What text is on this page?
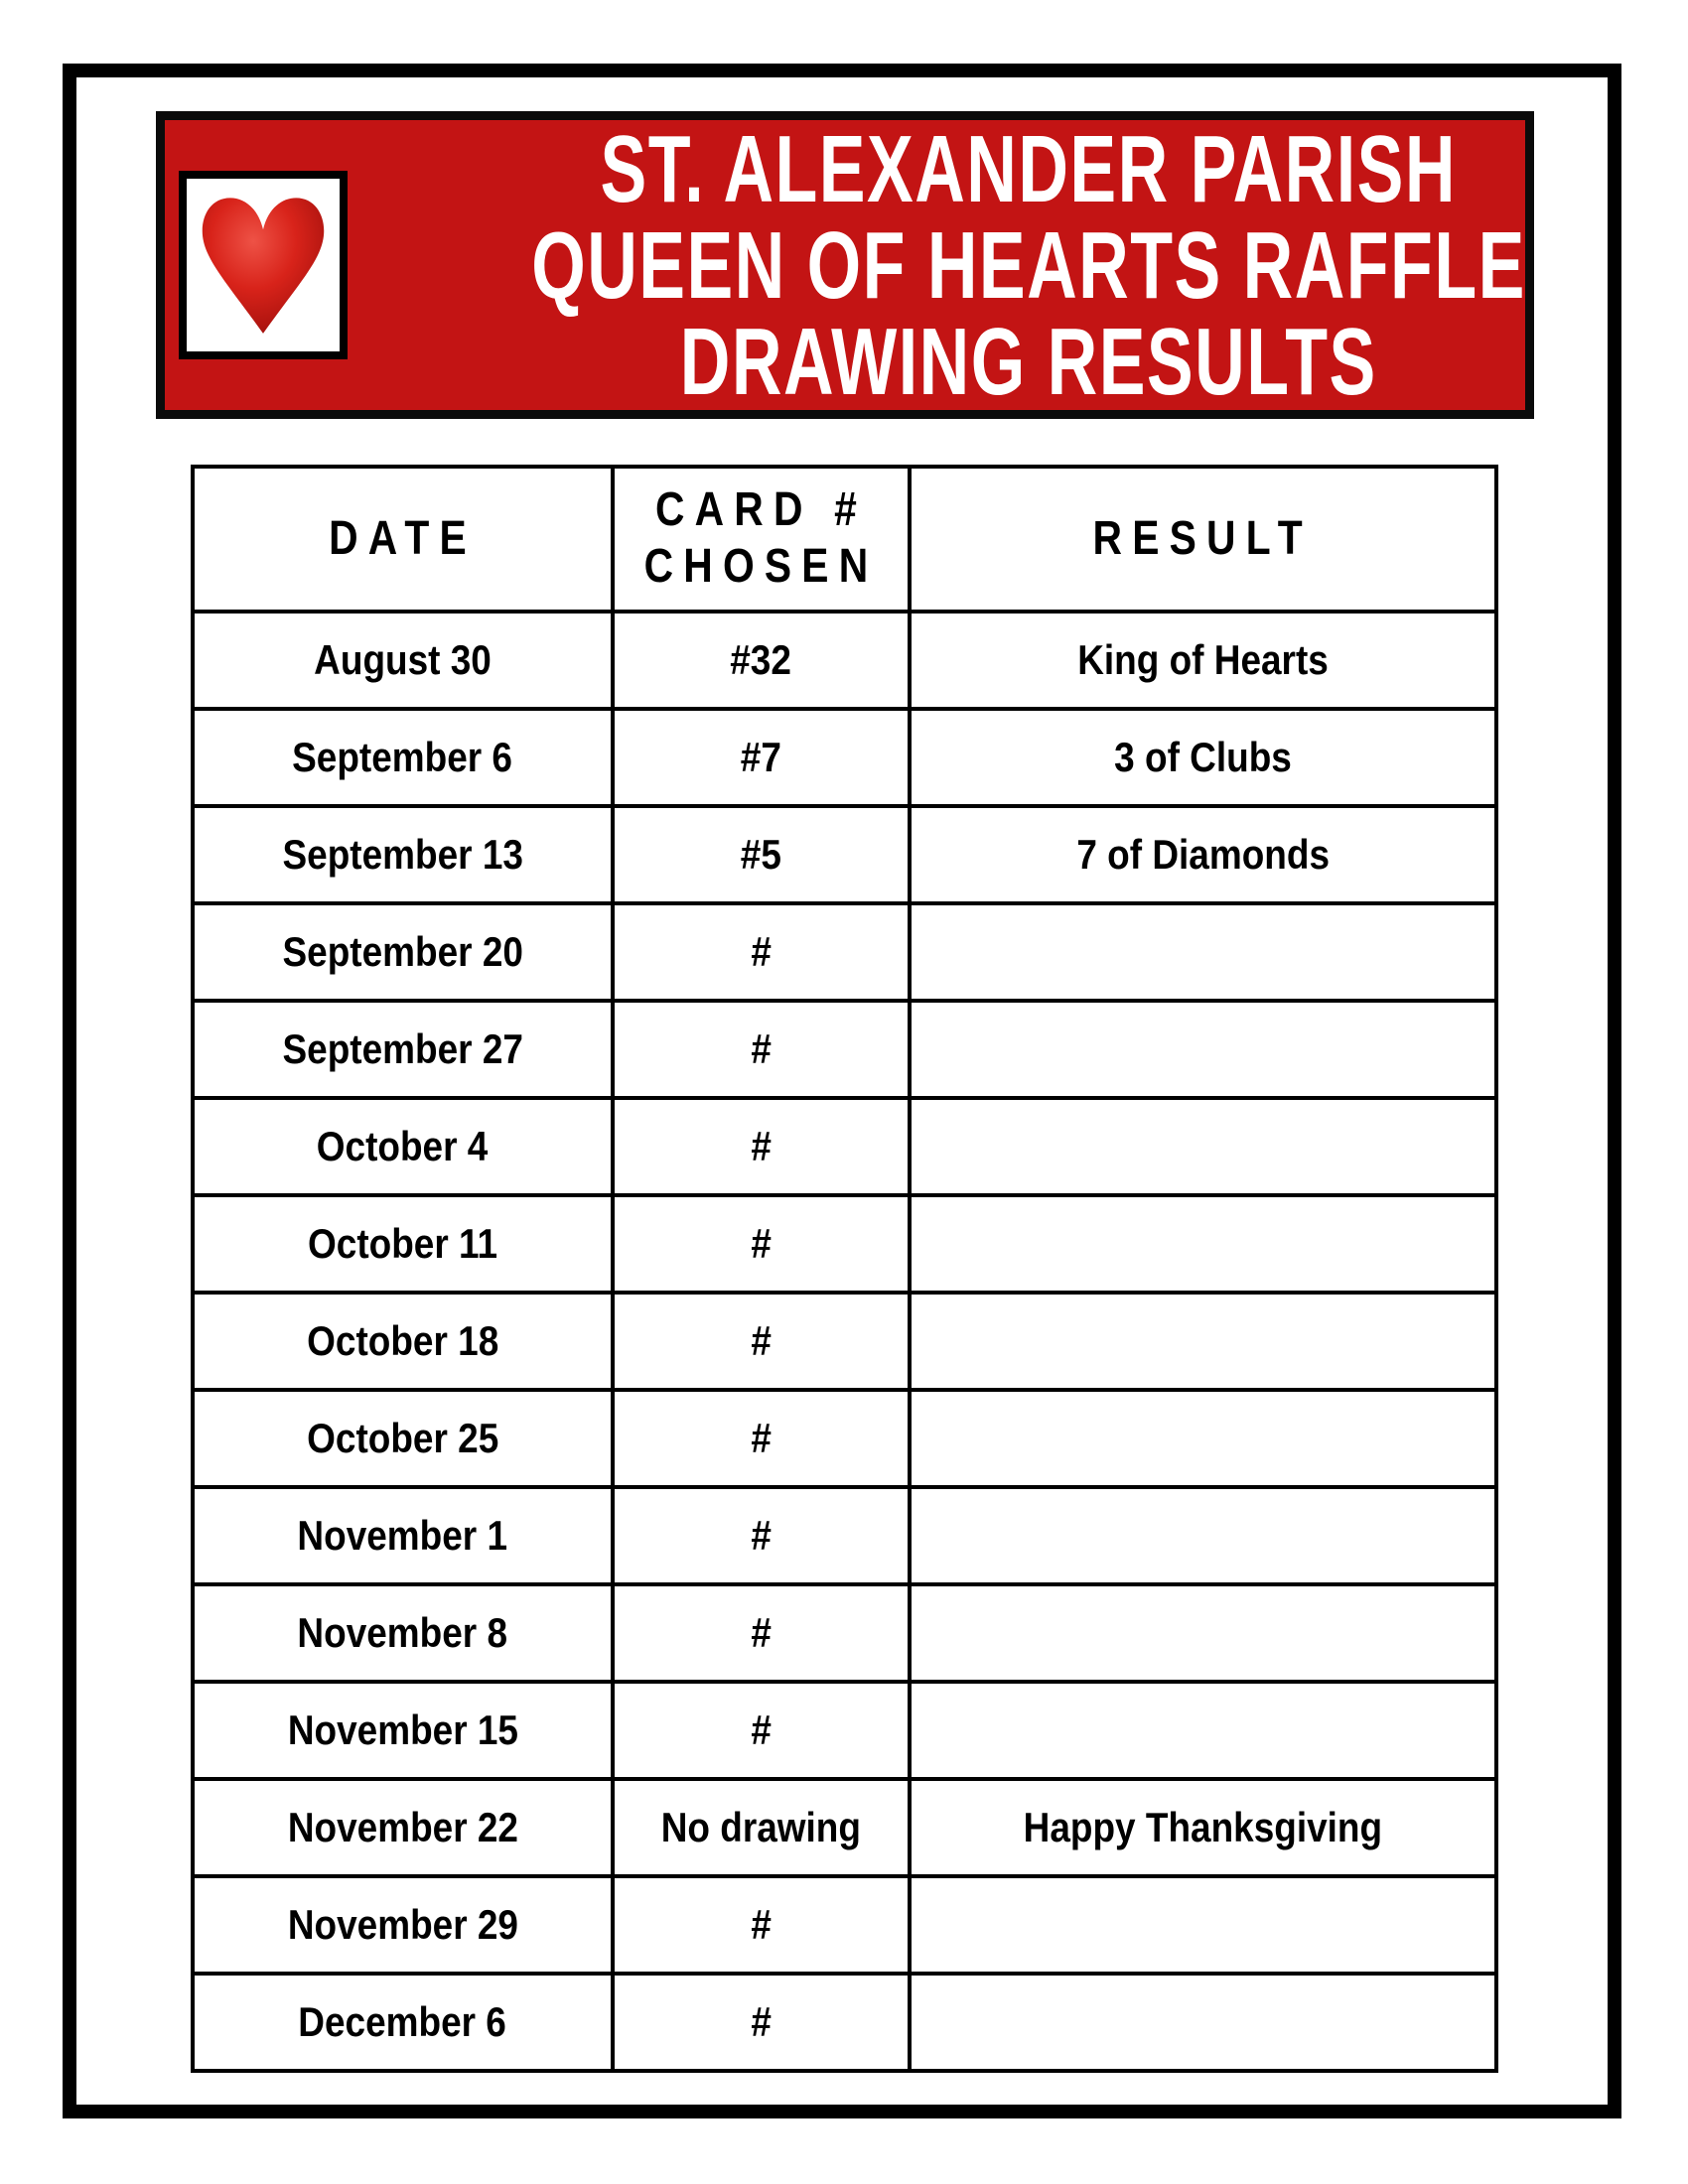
ST. ALEXANDER PARISH
QUEEN OF HEARTS RAFFLE
DRAWING RESULTS
DATE	CARD # CHOSEN	RESULT
August 30	#32	King of Hearts
September 6	#7	3 of Clubs
September 13	#5	7 of Diamonds
September 20	#	
September 27	#	
October 4	#	
October 11	#	
October 18	#	
October 25	#	
November 1	#	
November 8	#	
November 15	#	
November 22	No drawing	Happy Thanksgiving
November 29	#	
December 6	#	
